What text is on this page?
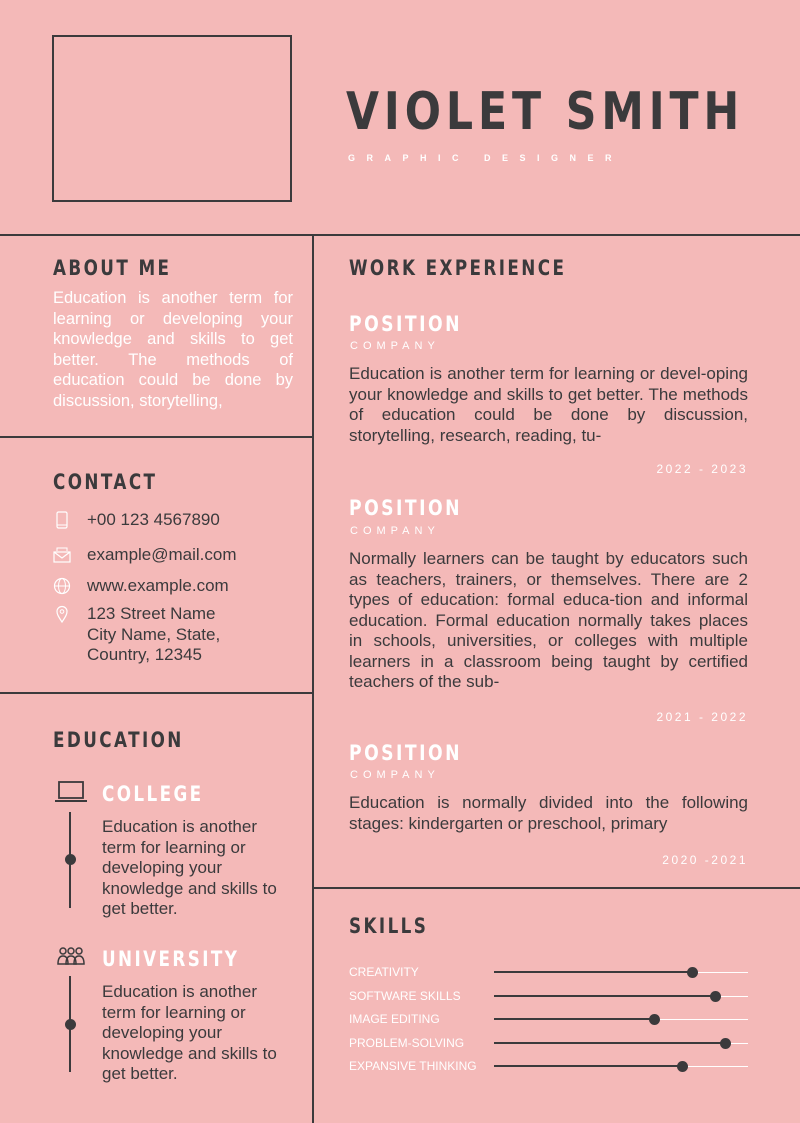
VIOLET SMITH
GRAPHIC DESIGNER
ABOUT ME
Education is another term for learning or developing your knowledge and skills to get better. The methods of education could be done by discussion, storytelling,
CONTACT
+00 123 4567890
example@mail.com
www.example.com
123 Street Name
City Name, State,
Country, 12345
EDUCATION
COLLEGE
Education is another term for learning or developing your knowledge and skills to get better.
UNIVERSITY
Education is another term for learning or developing your knowledge and skills to get better.
WORK EXPERIENCE
POSITION
COMPANY
Education is another term for learning or devel-oping your knowledge and skills to get better. The methods of education could be done by discussion, storytelling, research, reading, tu-
2022 - 2023
POSITION
COMPANY
Normally learners can be taught by educators such as teachers, trainers, or themselves. There are 2 types of education: formal educa-tion and informal education. Formal education normally takes places in schools, universities, or colleges with multiple learners in a classroom being taught by certified teachers of the sub-
2021 - 2022
POSITION
COMPANY
Education is normally divided into the following stages: kindergarten or preschool, primary
2020 -2021
SKILLS
CREATIVITY
SOFTWARE SKILLS
IMAGE EDITING
PROBLEM-SOLVING
EXPANSIVE THINKING
